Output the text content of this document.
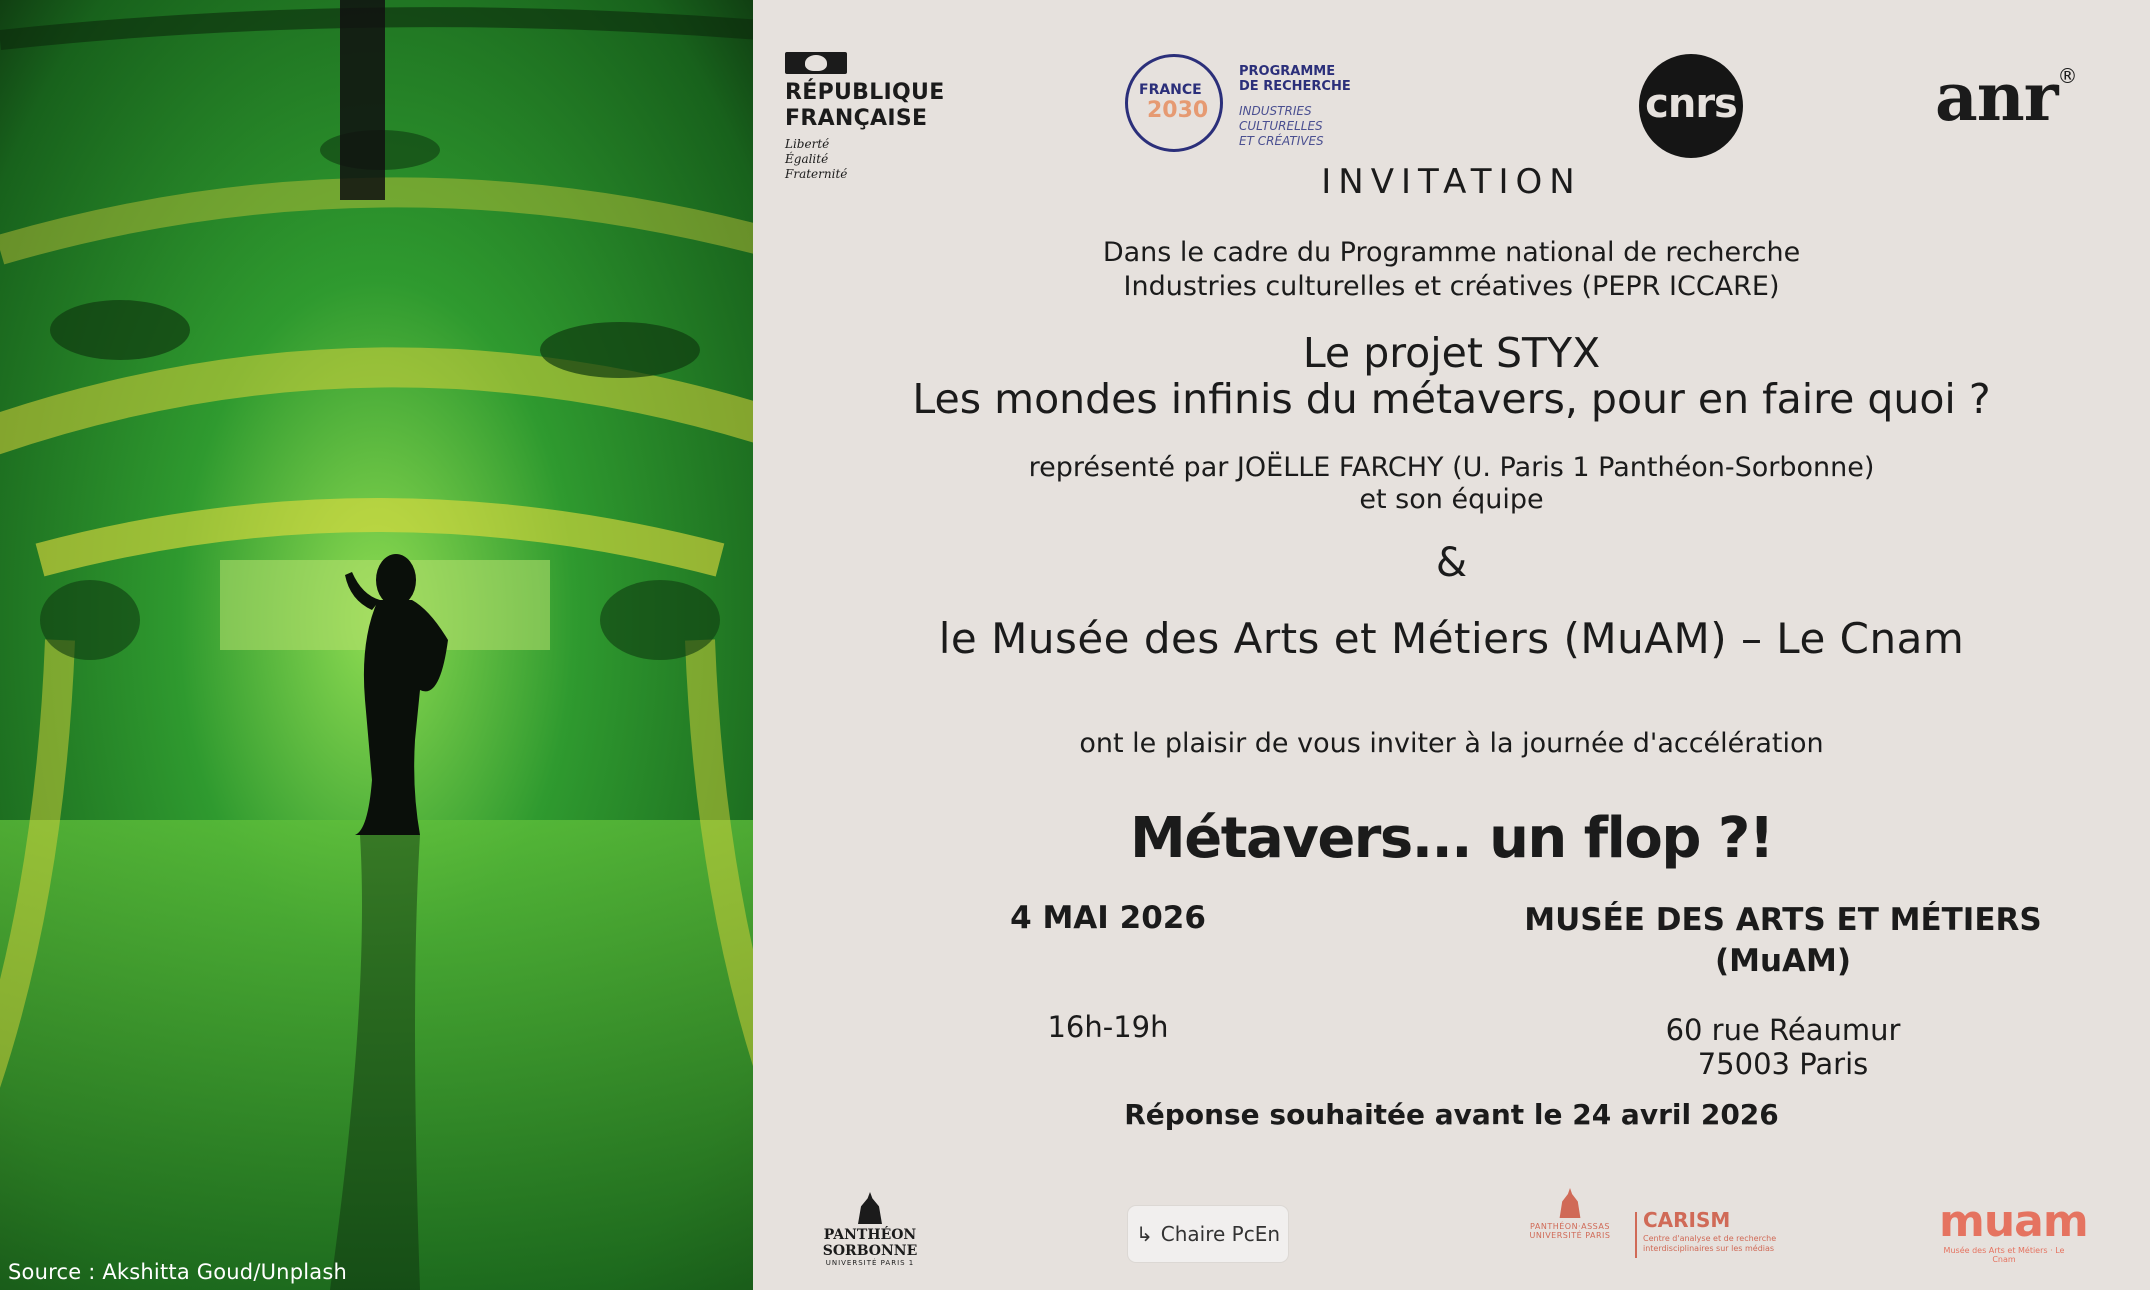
Source : Akshitta Goud/Unplash
RÉPUBLIQUE
FRANÇAISE
Liberté
Égalité
Fraternité
FRANCE
2030
PROGRAMME
DE RECHERCHE
INDUSTRIES
CULTURELLES
ET CRÉATIVES
cnrs	anr®
INVITATION
Dans le cadre du Programme national de recherche
Industries culturelles et créatives (PEPR ICCARE)
Le projet STYX
Les mondes infinis du métavers, pour en faire quoi ?
représenté par JOËLLE FARCHY (U. Paris 1 Panthéon-Sorbonne)
et son équipe
&
le Musée des Arts et Métiers (MuAM) – Le Cnam
ont le plaisir de vous inviter à la journée d'accélération
Métavers... un flop ?!
4 MAI 2026
16h-19h
MUSÉE DES ARTS ET MÉTIERS
(MuAM)
60 rue Réaumur
75003 Paris
Réponse souhaitée avant le 24 avril 2026
PANTHÉON SORBONNE
UNIVERSITÉ PARIS 1
↳ Chaire PcEn	PANTHÉON·ASSAS UNIVERSITÉ PARIS
CARISM
Centre d'analyse et de recherche
interdisciplinaires sur les médias
muam
Musée des Arts et Métiers · Le Cnam
